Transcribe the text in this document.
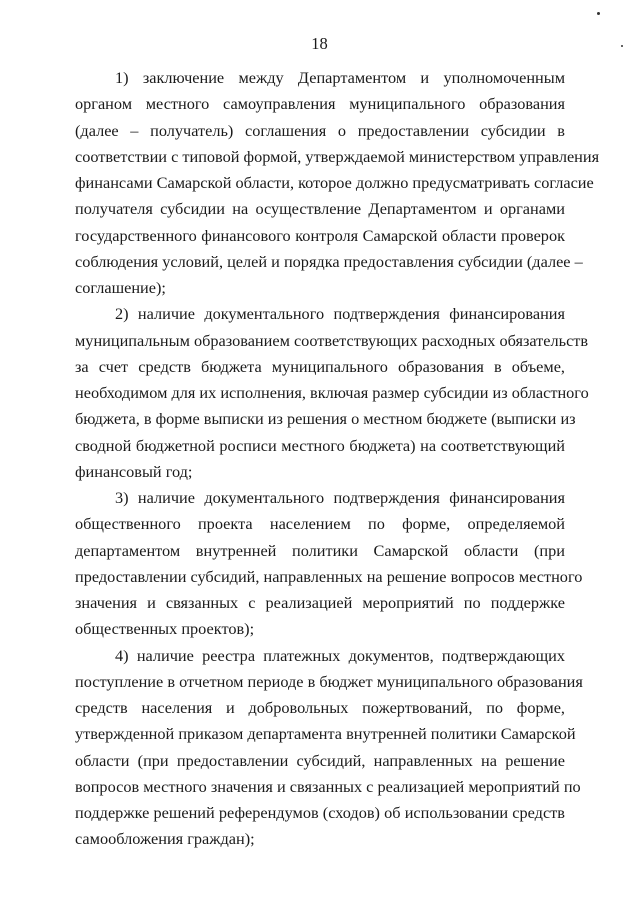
18
1) заключение между Департаментом и уполномоченным
органом местного самоуправления муниципального образования
(далее – получатель) соглашения о предоставлении субсидии в
соответствии с типовой формой, утверждаемой министерством управления
финансами Самарской области, которое должно предусматривать согласие
получателя субсидии на осуществление Департаментом и органами
государственного финансового контроля Самарской области проверок
соблюдения условий, целей и порядка предоставления субсидии (далее –
соглашение);
2) наличие документального подтверждения финансирования
муниципальным образованием соответствующих расходных обязательств
за счет средств бюджета муниципального образования в объеме,
необходимом для их исполнения, включая размер субсидии из областного
бюджета, в форме выписки из решения о местном бюджете (выписки из
сводной бюджетной росписи местного бюджета) на соответствующий
финансовый год;
3) наличие документального подтверждения финансирования
общественного проекта населением по форме, определяемой
департаментом внутренней политики Самарской области (при
предоставлении субсидий, направленных на решение вопросов местного
значения и связанных с реализацией мероприятий по поддержке
общественных проектов);
4) наличие реестра платежных документов, подтверждающих
поступление в отчетном периоде в бюджет муниципального образования
средств населения и добровольных пожертвований, по форме,
утвержденной приказом департамента внутренней политики Самарской
области (при предоставлении субсидий, направленных на решение
вопросов местного значения и связанных с реализацией мероприятий по
поддержке решений референдумов (сходов) об использовании средств
самообложения граждан);
